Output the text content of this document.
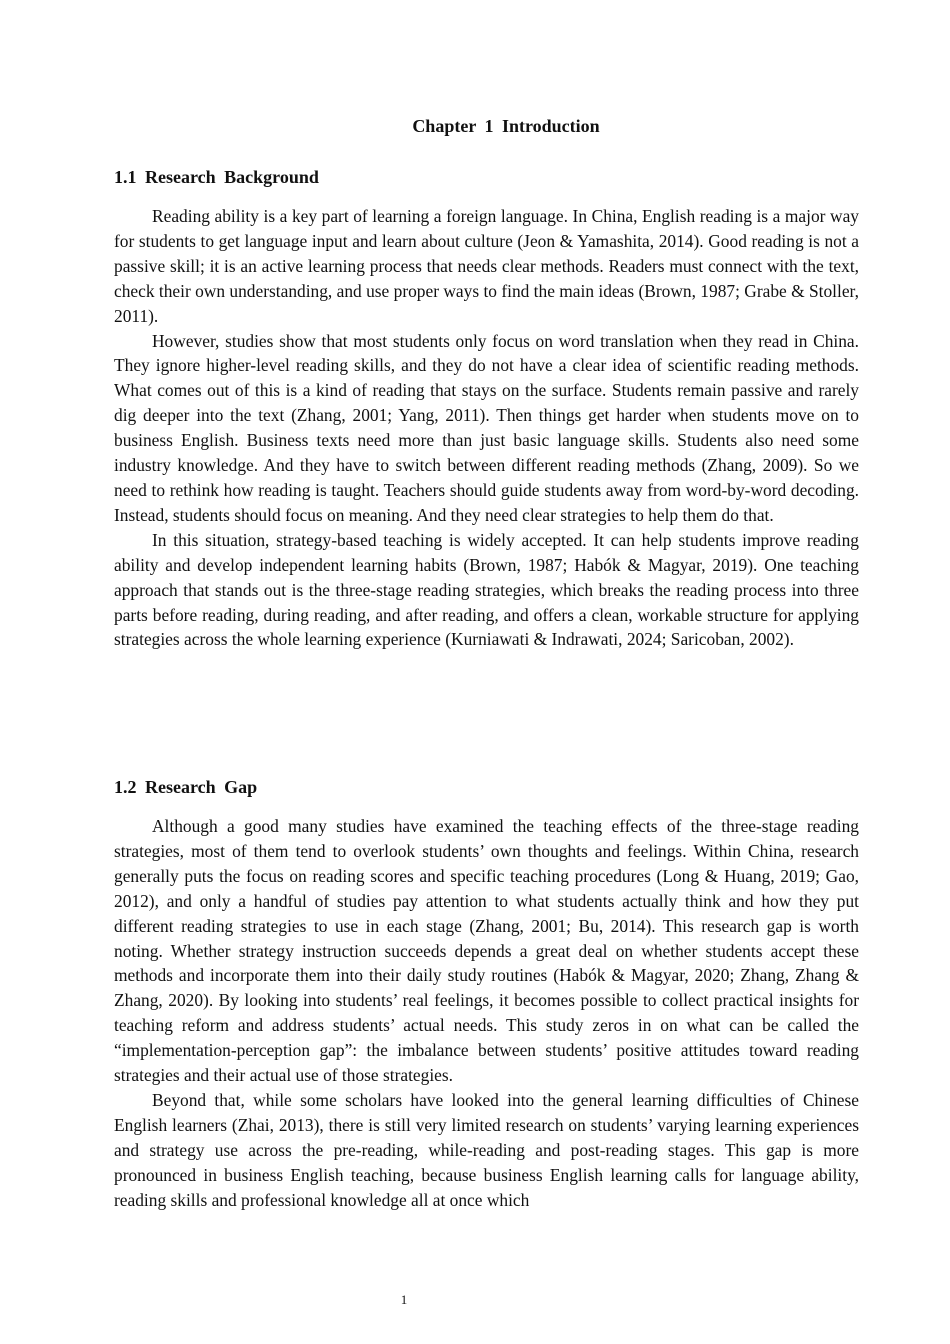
Chapter 1 Introduction
1.1 Research Background

Reading ability is a key part of learning a foreign language. In China, English reading is a major way for students to get language input and learn about culture (Jeon & Yamashita, 2014). Good reading is not a passive skill; it is an active learning process that needs clear methods. Readers must connect with the text, check their own understanding, and use proper ways to find the main ideas (Brown, 1987; Grabe & Stoller, 2011).

However, studies show that most students only focus on word translation when they read in China. They ignore higher-level reading skills, and they do not have a clear idea of scientific reading methods. What comes out of this is a kind of reading that stays on the surface. Students remain passive and rarely dig deeper into the text (Zhang, 2001; Yang, 2011). Then things get harder when students move on to business English. Business texts need more than just basic language skills. Students also need some industry knowledge. And they have to switch between different reading methods (Zhang, 2009). So we need to rethink how reading is taught. Teachers should guide students away from word-by-word decoding. Instead, students should focus on meaning. And they need clear strategies to help them do that.

In this situation, strategy-based teaching is widely accepted. It can help students improve reading ability and develop independent learning habits (Brown, 1987; Habók & Magyar, 2019). One teaching approach that stands out is the three-stage reading strategies, which breaks the reading process into three parts before reading, during reading, and after reading, and offers a clean, workable structure for applying strategies across the whole learning experience (Kurniawati & Indrawati, 2024; Saricoban, 2002).

1.2 Research Gap

Although a good many studies have examined the teaching effects of the three-stage reading strategies, most of them tend to overlook students’ own thoughts and feelings. Within China, research generally puts the focus on reading scores and specific teaching procedures (Long & Huang, 2019; Gao, 2012), and only a handful of studies pay attention to what students actually think and how they put different reading strategies to use in each stage (Zhang, 2001; Bu, 2014). This research gap is worth noting. Whether strategy instruction succeeds depends a great deal on whether students accept these methods and incorporate them into their daily study routines (Habók & Magyar, 2020; Zhang, Zhang & Zhang, 2020). By looking into students’ real feelings, it becomes possible to collect practical insights for teaching reform and address students’ actual needs. This study zeros in on what can be called the “implementation-perception gap”: the imbalance between students’ positive attitudes toward reading strategies and their actual use of those strategies.

Beyond that, while some scholars have looked into the general learning difficulties of Chinese English learners (Zhai, 2013), there is still very limited research on students’ varying learning experiences and strategy use across the pre-reading, while-reading and post-reading stages. This gap is more pronounced in business English teaching, because business English learning calls for language ability, reading skills and professional knowledge all at once which

1
